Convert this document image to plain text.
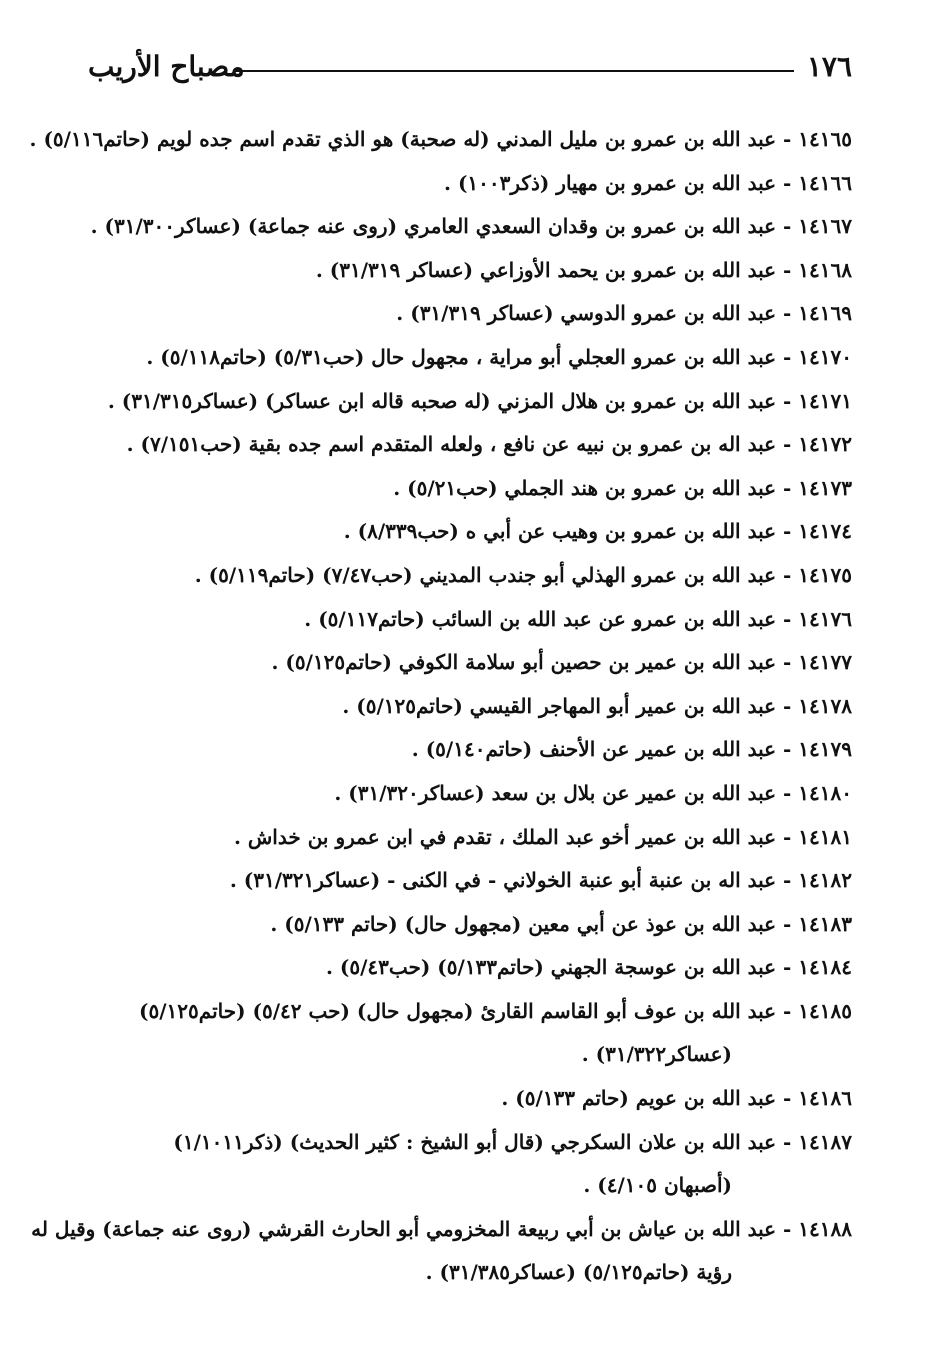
١٧٦
مصباح الأريب

١٤١٦٥ - عبد الله بن عمرو بن مليل المدني (له صحبة) هو الذي تقدم اسم جده لويم (حاتم٥/١١٦) .

١٤١٦٦ - عبد الله بن عمرو بن مهيار (ذكر١٠٠٣) .

١٤١٦٧ - عبد الله بن عمرو بن وقدان السعدي العامري (روى عنه جماعة) (عساكر٣١/٣٠٠) .

١٤١٦٨ - عبد الله بن عمرو بن يحمد الأوزاعي (عساكر ٣١/٣١٩) .

١٤١٦٩ - عبد الله بن عمرو الدوسي (عساكر ٣١/٣١٩) .

١٤١٧٠ - عبد الله بن عمرو العجلي أبو مراية ، مجهول حال (حب٥/٣١) (حاتم٥/١١٨) .

١٤١٧١ - عبد الله بن عمرو بن هلال المزني (له صحبه قاله ابن عساكر) (عساكر٣١/٣١٥) .

١٤١٧٢ - عبد اله بن عمرو بن نبيه عن نافع ، ولعله المتقدم اسم جده بقية (حب٧/١٥١) .

١٤١٧٣ - عبد الله بن عمرو بن هند الجملي (حب٥/٢١) .

١٤١٧٤ - عبد الله بن عمرو بن وهيب عن أبي ه (حب٨/٣٣٩) .

١٤١٧٥ - عبد الله بن عمرو الهذلي أبو جندب المديني (حب٧/٤٧) (حاتم٥/١١٩) .

١٤١٧٦ - عبد الله بن عمرو عن عبد الله بن السائب (حاتم٥/١١٧) .

١٤١٧٧ - عبد الله بن عمير بن حصين أبو سلامة الكوفي (حاتم٥/١٢٥) .

١٤١٧٨ - عبد الله بن عمير أبو المهاجر القيسي (حاتم٥/١٢٥) .

١٤١٧٩ - عبد الله بن عمير عن الأحنف (حاتم٥/١٤٠) .

١٤١٨٠ - عبد الله بن عمير عن بلال بن سعد (عساكر٣١/٣٢٠) .

١٤١٨١ - عبد الله بن عمير أخو عبد الملك ، تقدم في ابن عمرو بن خداش .

١٤١٨٢ - عبد اله بن عنبة أبو عنبة الخولاني - في الكنى - (عساكر٣١/٣٢١) .

١٤١٨٣ - عبد الله بن عوذ عن أبي معين (مجهول حال) (حاتم ٥/١٣٣) .

١٤١٨٤ - عبد الله بن عوسجة الجهني (حاتم٥/١٣٣) (حب٥/٤٣) .

١٤١٨٥ - عبد الله بن عوف أبو القاسم القارئ (مجهول حال) (حب ٥/٤٢) (حاتم٥/١٢٥)
(عساكر٣١/٣٢٢) .

١٤١٨٦ - عبد الله بن عويم (حاتم ٥/١٣٣) .

١٤١٨٧ - عبد الله بن علان السكرجي (قال أبو الشيخ : كثير الحديث) (ذكر١/١٠١١)
(أصبهان ٤/١٠٥) .

١٤١٨٨ - عبد الله بن عياش بن أبي ربيعة المخزومي أبو الحارث القرشي (روى عنه جماعة) وقيل له
رؤية (حاتم٥/١٢٥) (عساكر٣١/٣٨٥) .
